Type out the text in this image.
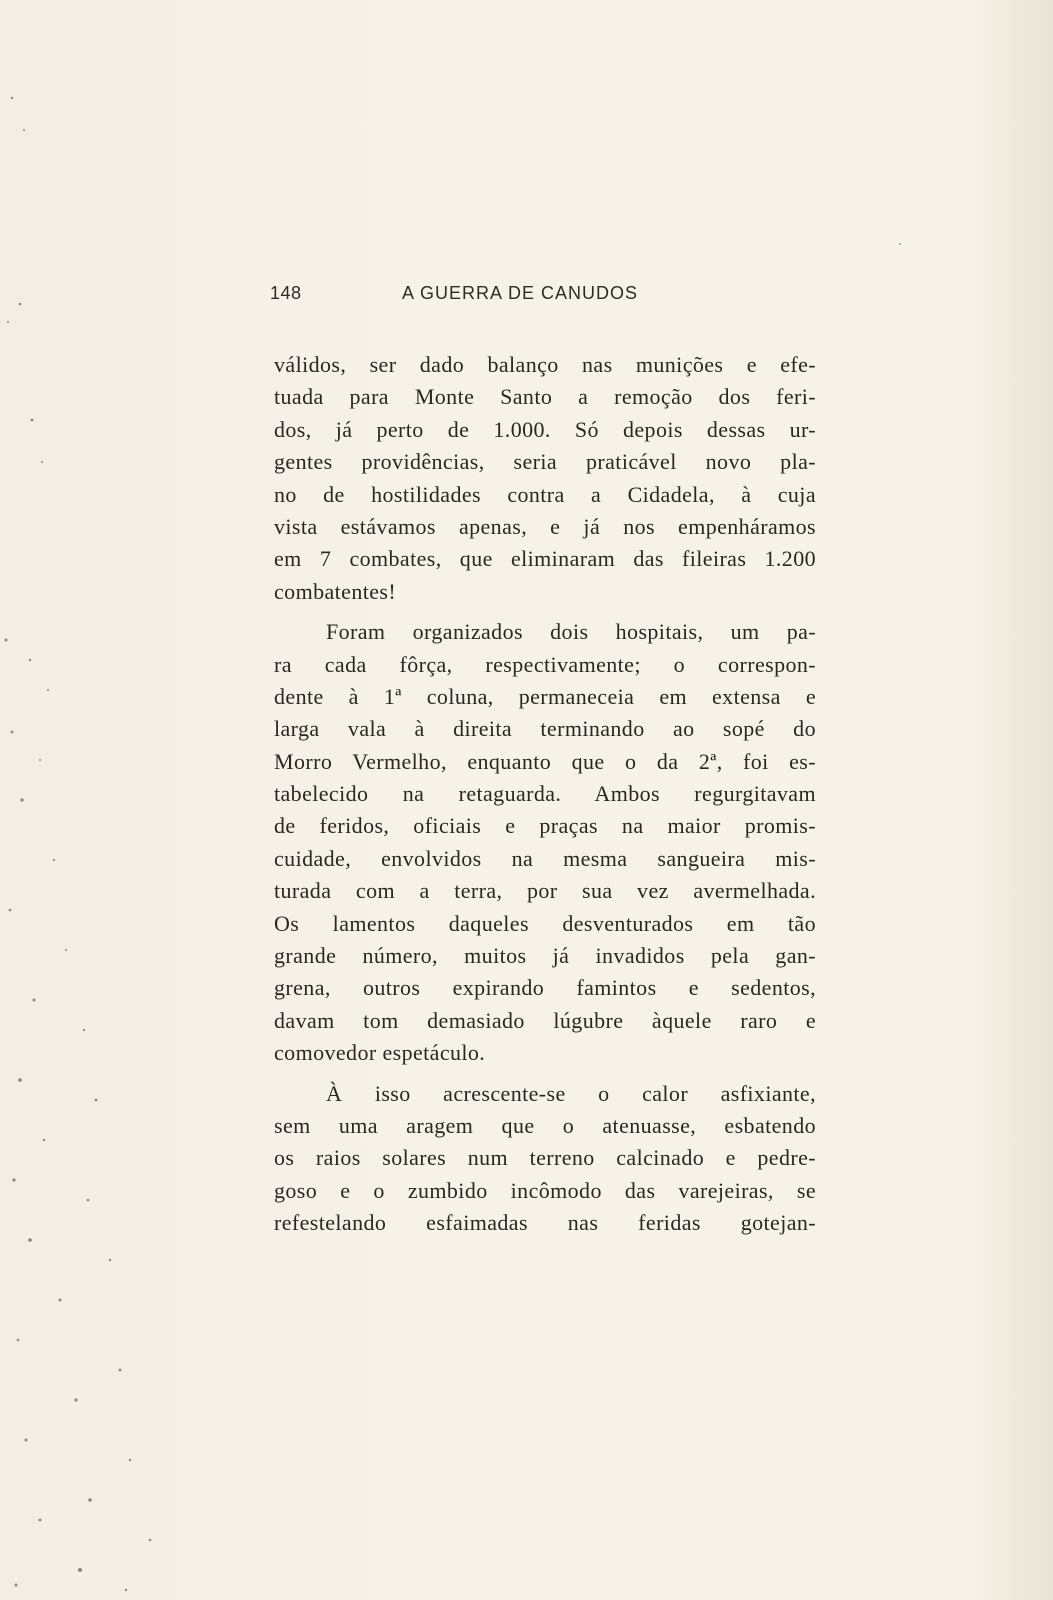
148	A GUERRA DE CANUDOS
válidos, ser dado balanço nas munições e efe-
tuada para Monte Santo a remoção dos feri-
dos, já perto de 1.000. Só depois dessas ur-
gentes providências, seria praticável novo pla-
no de hostilidades contra a Cidadela, à cuja
vista estávamos apenas, e já nos empenháramos
em 7 combates, que eliminaram das fileiras 1.200
combatentes!
Foram organizados dois hospitais, um pa-
ra cada fôrça, respectivamente; o correspon-
dente à 1ª coluna, permaneceia em extensa e
larga vala à direita terminando ao sopé do
Morro Vermelho, enquanto que o da 2ª, foi es-
tabelecido na retaguarda. Ambos regurgitavam
de feridos, oficiais e praças na maior promis-
cuidade, envolvidos na mesma sangueira mis-
turada com a terra, por sua vez avermelhada.
Os lamentos daqueles desventurados em tão
grande número, muitos já invadidos pela gan-
grena, outros expirando famintos e sedentos,
davam tom demasiado lúgubre àquele raro e
comovedor espetáculo.
À isso acrescente-se o calor asfixiante,
sem uma aragem que o atenuasse, esbatendo
os raios solares num terreno calcinado e pedre-
goso e o zumbido incômodo das varejeiras, se
refestelando esfaimadas nas feridas gotejan-
